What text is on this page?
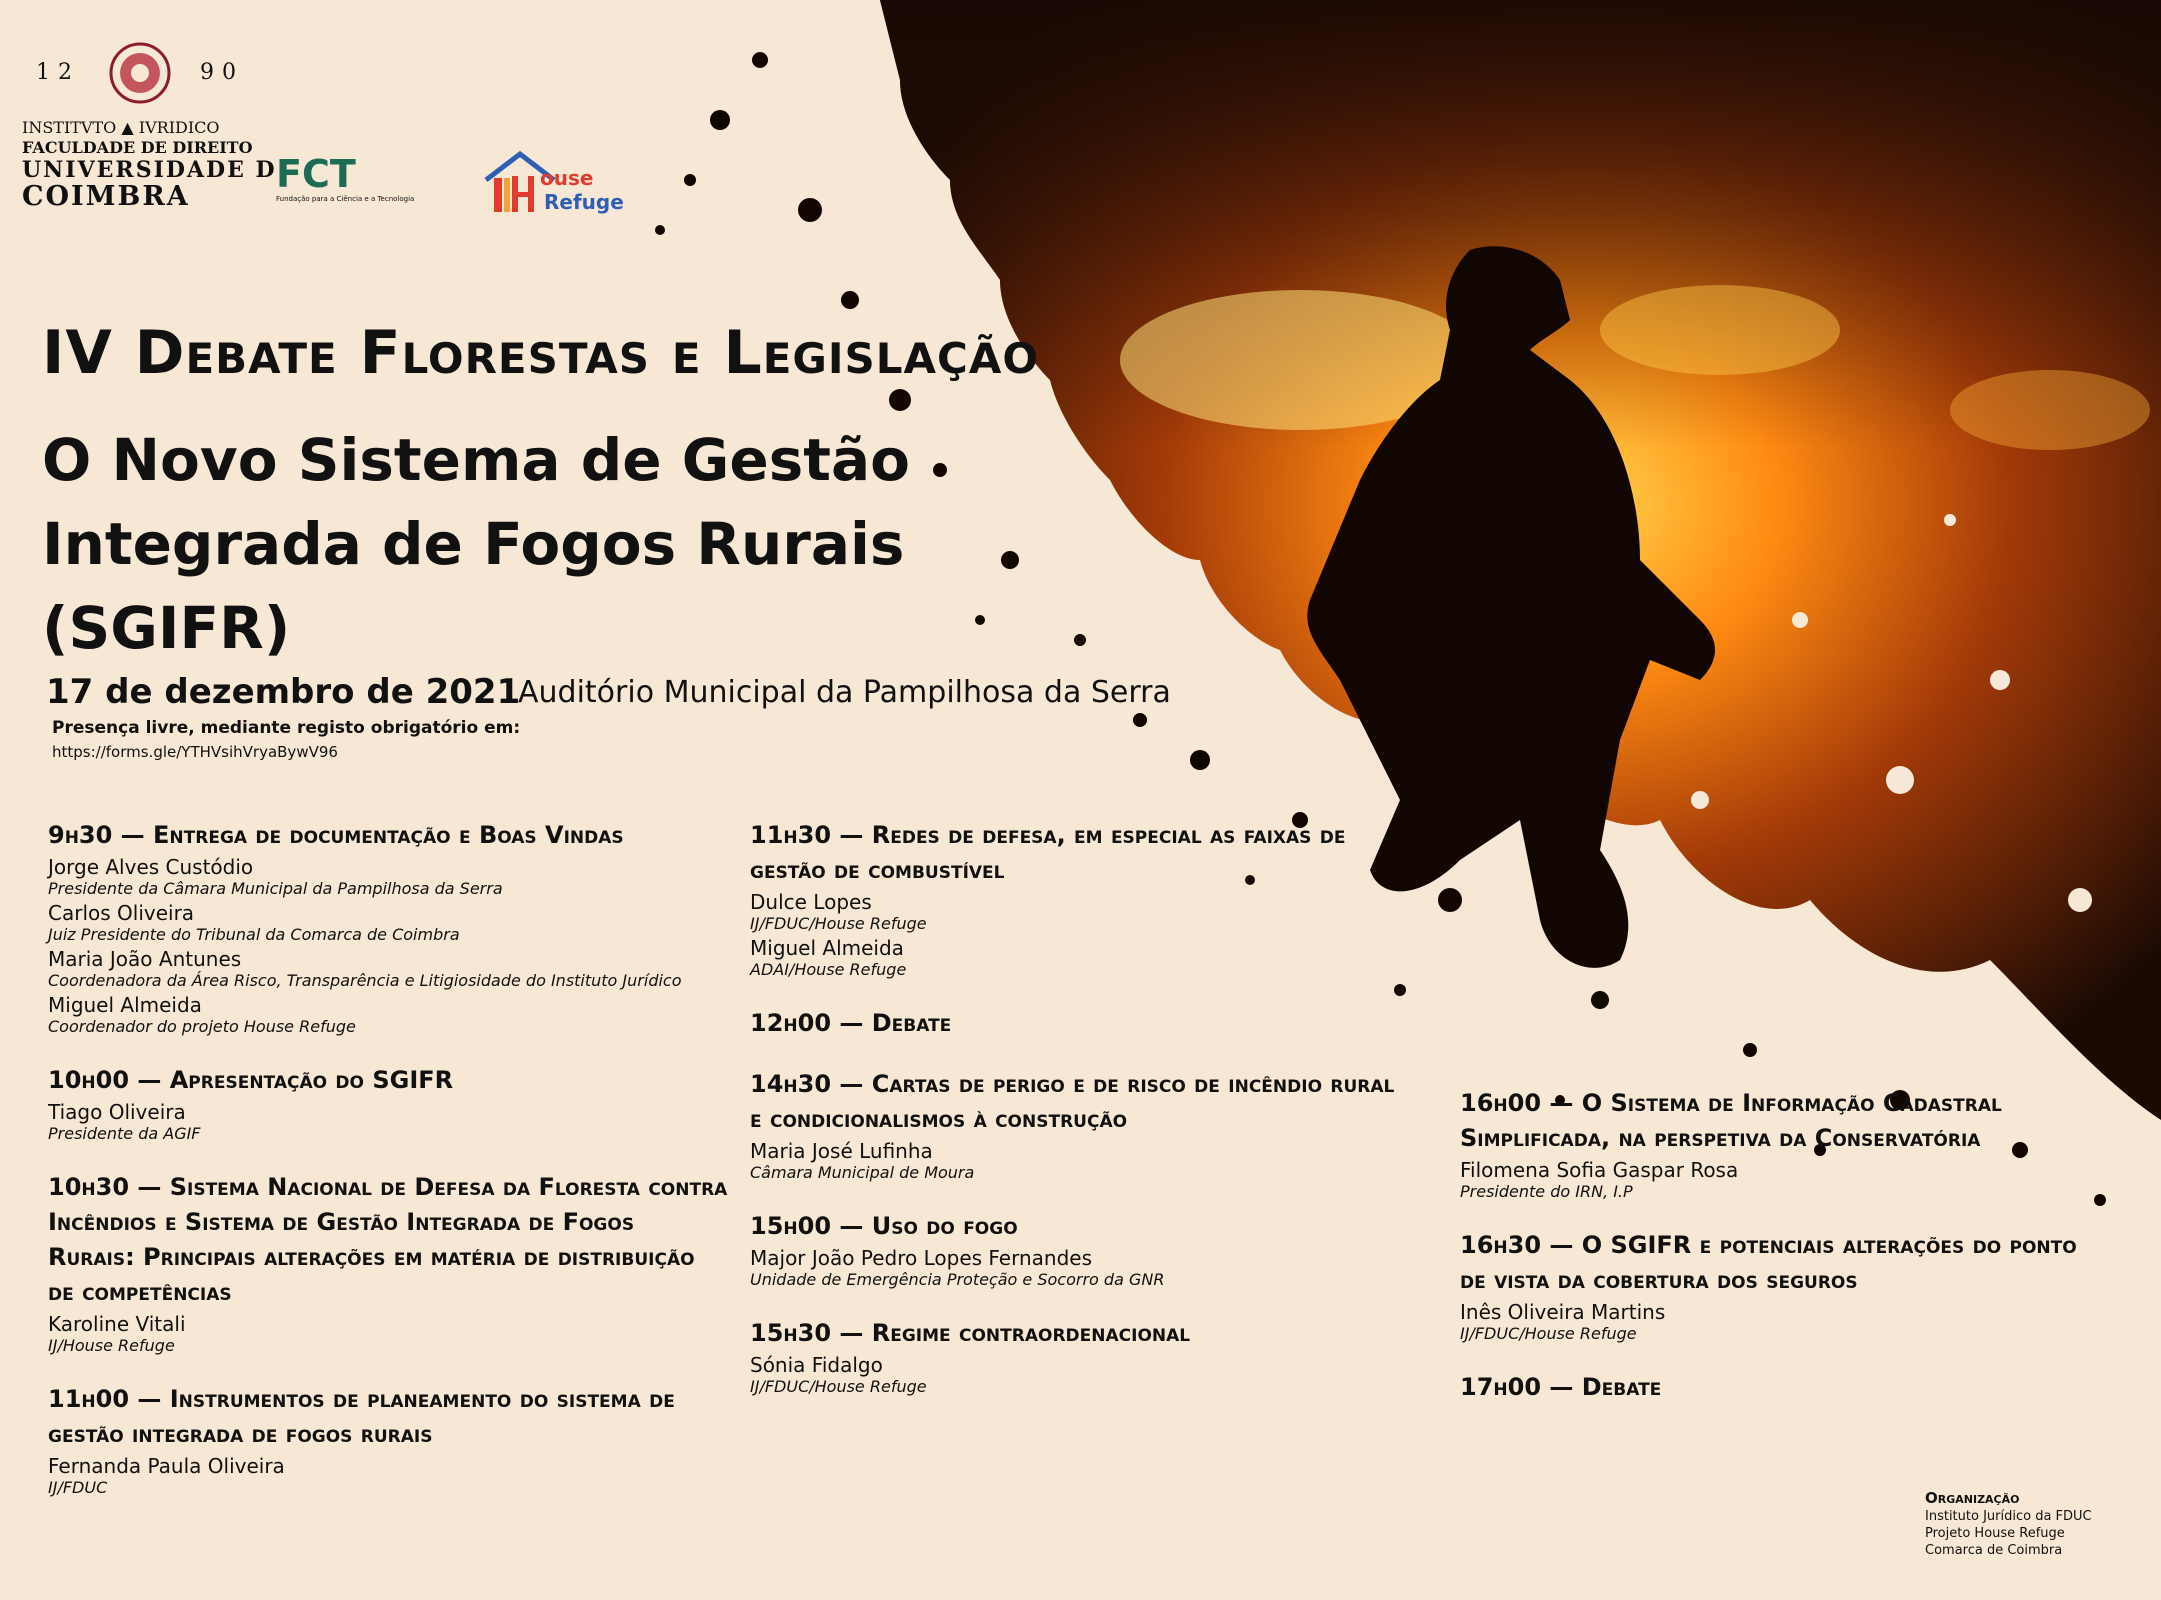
12	90
INSTITVTO ▲ IVRIDICO
FACULDADE DE DIREITO
UNIVERSIDADE D
COIMBRA
FCT
Fundação para a Ciência e a Tecnologia
ouse
Refuge
IV Debate Florestas e Legislação
O Novo Sistema de Gestão Integrada de Fogos Rurais (SGIFR)
17 de dezembro de 2021
Auditório Municipal da Pampilhosa da Serra
Presença livre, mediante registo obrigatório em:
https://forms.gle/YTHVsihVryaBywV96
9h30 — Entrega de documentação e Boas Vindas
Jorge Alves Custódio
Presidente da Câmara Municipal da Pampilhosa da Serra
Carlos Oliveira
Juiz Presidente do Tribunal da Comarca de Coimbra
Maria João Antunes
Coordenadora da Área Risco, Transparência e Litigiosidade do Instituto Jurídico
Miguel Almeida
Coordenador do projeto House Refuge
10h00 — Apresentação do SGIFR
Tiago Oliveira
Presidente da AGIF
10h30 — Sistema Nacional de Defesa da Floresta contra Incêndios e Sistema de Gestão Integrada de Fogos Rurais: Principais alterações em matéria de distribuição de competências
Karoline Vitali
IJ/House Refuge
11h00 — Instrumentos de planeamento do sistema de gestão integrada de fogos rurais
Fernanda Paula Oliveira
IJ/FDUC
11h30 — Redes de defesa, em especial as faixas de gestão de combustível
Dulce Lopes
IJ/FDUC/House Refuge
Miguel Almeida
ADAI/House Refuge
12h00 — Debate
14h30 — Cartas de perigo e de risco de incêndio rural e condicionalismos à construção
Maria José Lufinha
Câmara Municipal de Moura
15h00 — Uso do fogo
Major João Pedro Lopes Fernandes
Unidade de Emergência Proteção e Socorro da GNR
15h30 — Regime contraordenacional
Sónia Fidalgo
IJ/FDUC/House Refuge
16h00 — O Sistema de Informação Cadastral Simplificada, na perspetiva da Conservatória
Filomena Sofia Gaspar Rosa
Presidente do IRN, I.P
16h30 — O SGIFR e potenciais alterações do ponto de vista da cobertura dos seguros
Inês Oliveira Martins
IJ/FDUC/House Refuge
17h00 — Debate
Organização
Instituto Jurídico da FDUC
Projeto House Refuge
Comarca de Coimbra
